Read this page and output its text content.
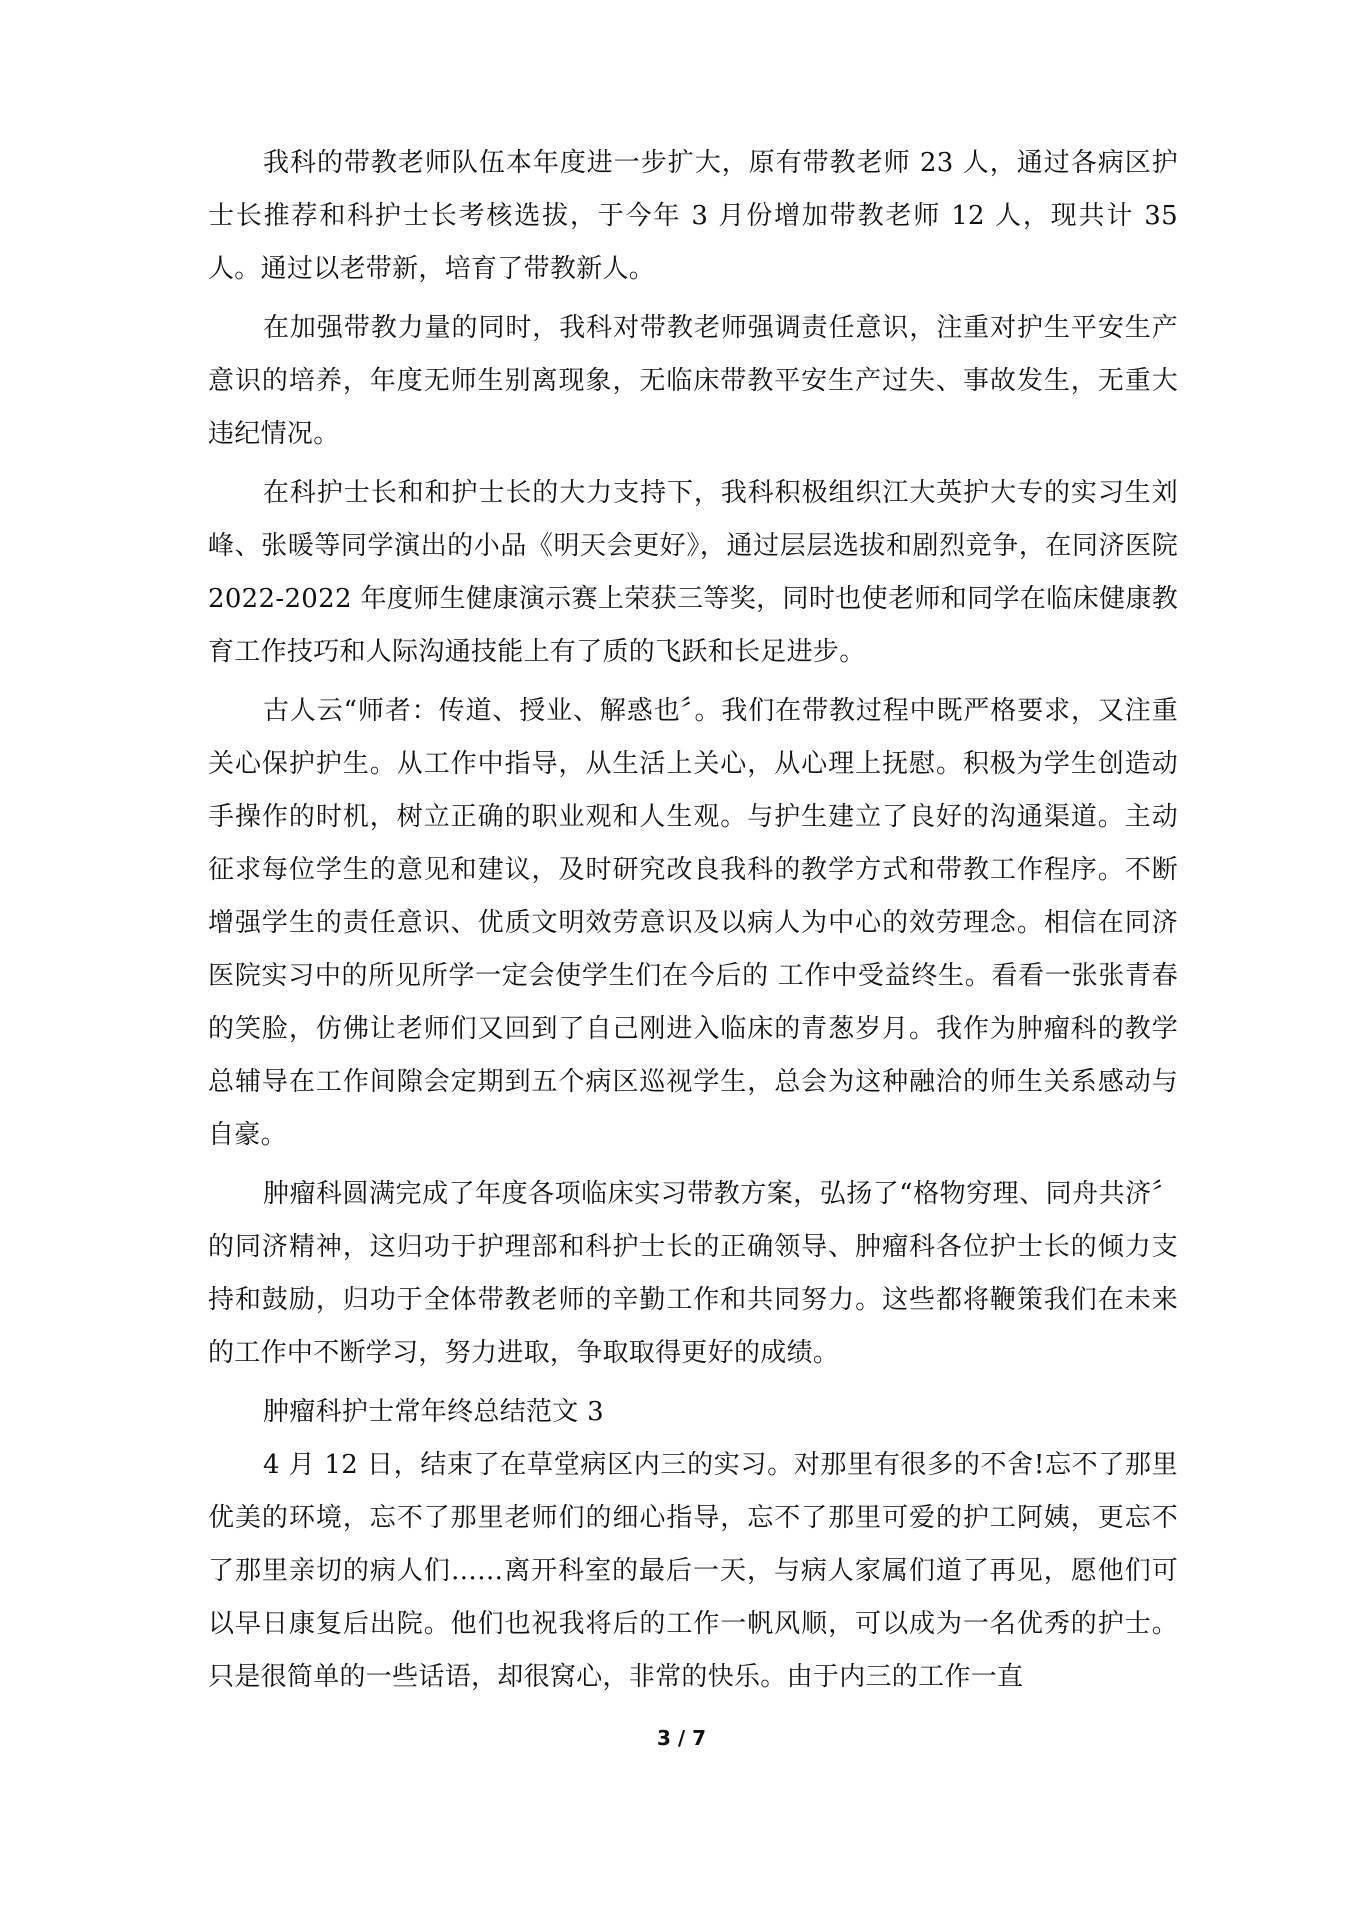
我科的带教老师队伍本年度进一步扩大，原有带教老师 23 人，通过各病区护士长推荐和科护士长考核选拔，于今年 3 月份增加带教老师 12 人，现共计 35 人。通过以老带新，培育了带教新人。

在加强带教力量的同时，我科对带教老师强调责任意识，注重对护生平安生产意识的培养，年度无师生别离现象，无临床带教平安生产过失、事故发生，无重大违纪情况。

在科护士长和和护士长的大力支持下，我科积极组织江大英护大专的实习生刘峰、张暖等同学演出的小品《明天会更好》，通过层层选拔和剧烈竞争，在同济医院 2022-2022 年度师生健康演示赛上荣获三等奖，同时也使老师和同学在临床健康教育工作技巧和人际沟通技能上有了质的飞跃和长足进步。

古人云“师者：传道、授业、解惑也〞。我们在带教过程中既严格要求，又注重关心保护护生。从工作中指导，从生活上关心，从心理上抚慰。积极为学生创造动手操作的时机，树立正确的职业观和人生观。与护生建立了良好的沟通渠道。主动征求每位学生的意见和建议，及时研究改良我科的教学方式和带教工作程序。不断增强学生的责任意识、优质文明效劳意识及以病人为中心的效劳理念。相信在同济医院实习中的所见所学一定会使学生们在今后的 工作中受益终生。看看一张张青春的笑脸，仿佛让老师们又回到了自己刚进入临床的青葱岁月。我作为肿瘤科的教学总辅导在工作间隙会定期到五个病区巡视学生，总会为这种融洽的师生关系感动与自豪。

肿瘤科圆满完成了年度各项临床实习带教方案，弘扬了“格物穷理、同舟共济〞的同济精神，这归功于护理部和科护士长的正确领导、肿瘤科各位护士长的倾力支持和鼓励，归功于全体带教老师的辛勤工作和共同努力。这些都将鞭策我们在未来的工作中不断学习，努力进取，争取取得更好的成绩。

肿瘤科护士常年终总结范文 3

4 月 12 日，结束了在草堂病区内三的实习。对那里有很多的不舍!忘不了那里优美的环境，忘不了那里老师们的细心指导，忘不了那里可爱的护工阿姨，更忘不了那里亲切的病人们……离开科室的最后一天，与病人家属们道了再见，愿他们可以早日康复后出院。他们也祝我将后的工作一帆风顺，可以成为一名优秀的护士。只是很简单的一些话语，却很窝心，非常的快乐。由于内三的工作一直

3 / 7
